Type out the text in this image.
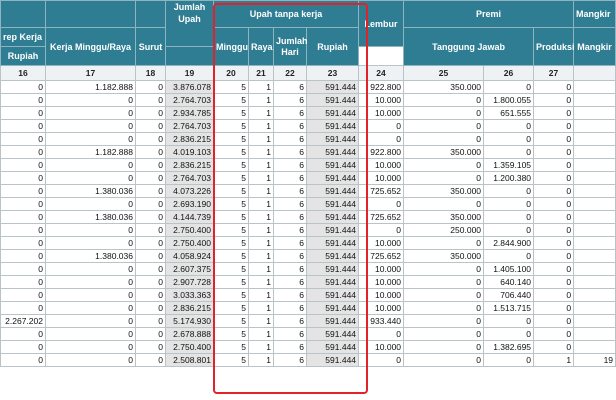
			Jumlah Upah	Upah tanpa kerja				Lembur	Premi			Mangkir	
rep Kerja	Kerja Minggu/Raya	Surut		Minggu	Raya	Jumlah Hari	Rupiah		Tanggung Jawab		Produksi	Mangkir	
Rupiah													
16	17	18	19	20	21	22	23	24	25	26	27		
0	1.182.888	0	3.876.078	5	1	6	591.444	922.800	350.000	0	0		
0	0	0	2.764.703	5	1	6	591.444	10.000	0	1.800.055	0		
0	0	0	2.934.785	5	1	6	591.444	10.000	0	651.555	0		
0	0	0	2.764.703	5	1	6	591.444	0	0	0	0		
0	0	0	2.836.215	5	1	6	591.444	0	0	0	0		
0	1.182.888	0	4.019.103	5	1	6	591.444	922.800	350.000	0	0		
0	0	0	2.836.215	5	1	6	591.444	10.000	0	1.359.105	0		
0	0	0	2.764.703	5	1	6	591.444	10.000	0	1.200.380	0		
0	1.380.036	0	4.073.226	5	1	6	591.444	725.652	350.000	0	0		
0	0	0	2.693.190	5	1	6	591.444	0	0	0	0		
0	1.380.036	0	4.144.739	5	1	6	591.444	725.652	350.000	0	0		
0	0	0	2.750.400	5	1	6	591.444	0	250.000	0	0		
0	0	0	2.750.400	5	1	6	591.444	10.000	0	2.844.900	0		
0	1.380.036	0	4.058.924	5	1	6	591.444	725.652	350.000	0	0		
0	0	0	2.607.375	5	1	6	591.444	10.000	0	1.405.100	0		
0	0	0	2.907.728	5	1	6	591.444	10.000	0	640.140	0		
0	0	0	3.033.363	5	1	6	591.444	10.000	0	706.440	0		
0	0	0	2.836.215	5	1	6	591.444	10.000	0	1.513.715	0		
2.267.202	0	0	5.174.930	5	1	6	591.444	933.440	0	0	0		
0	0	0	2.678.888	5	1	6	591.444	0	0	0	0		
0	0	0	2.750.400	5	1	6	591.444	10.000	0	1.382.695	0		
0	0	0	2.508.801	5	1	6	591.444	0	0	0	1	19	
